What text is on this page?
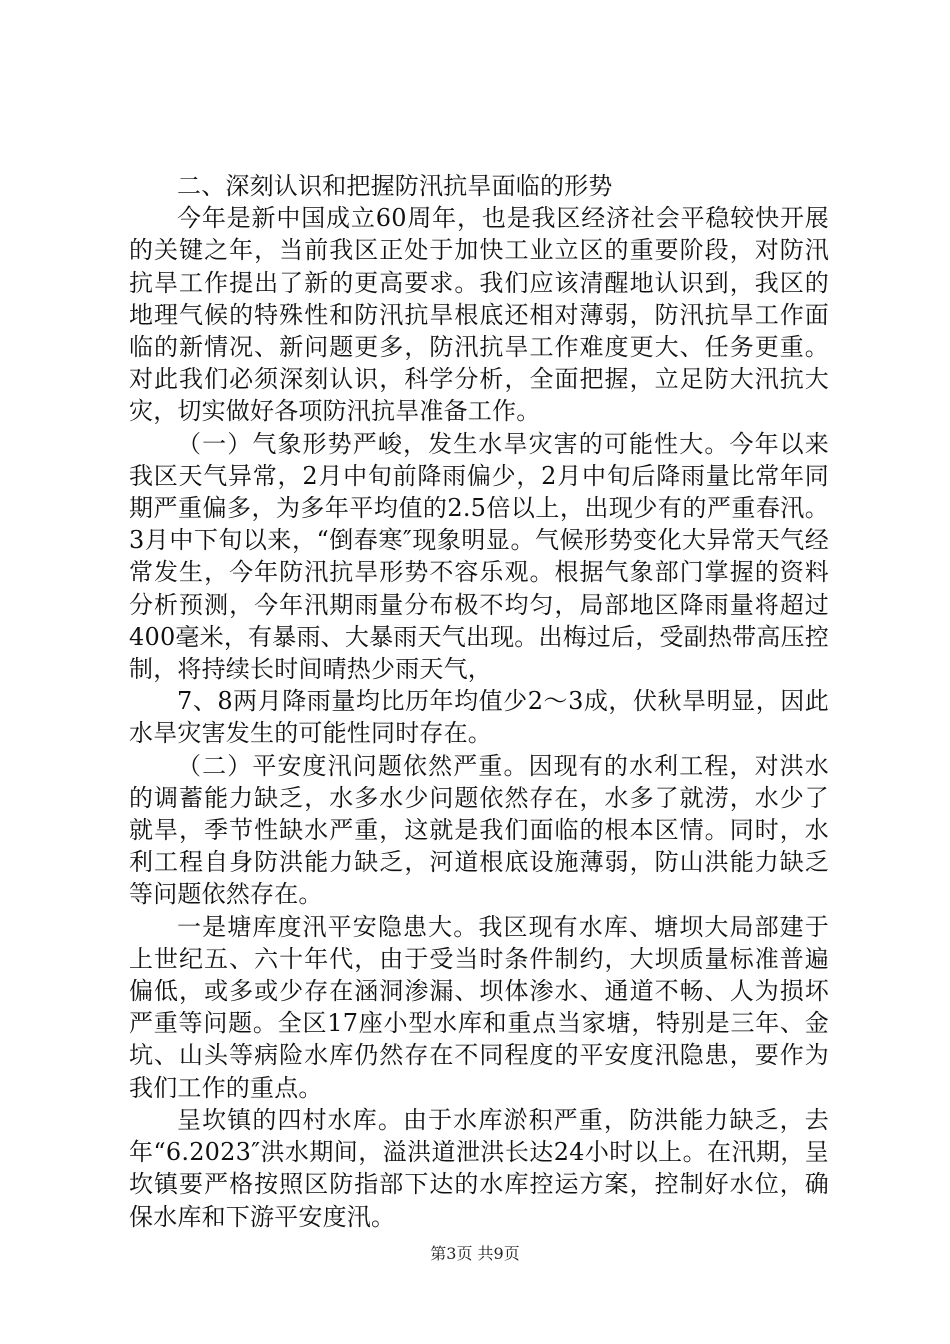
二、深刻认识和把握防汛抗旱面临的形势

今年是新中国成立60周年，也是我区经济社会平稳较快开展的关键之年，当前我区正处于加快工业立区的重要阶段，对防汛抗旱工作提出了新的更高要求。我们应该清醒地认识到，我区的地理气候的特殊性和防汛抗旱根底还相对薄弱，防汛抗旱工作面临的新情况、新问题更多，防汛抗旱工作难度更大、任务更重。对此我们必须深刻认识，科学分析，全面把握，立足防大汛抗大灾，切实做好各项防汛抗旱准备工作。

（一）气象形势严峻，发生水旱灾害的可能性大。今年以来我区天气异常，2月中旬前降雨偏少，2月中旬后降雨量比常年同期严重偏多，为多年平均值的2.5倍以上，出现少有的严重春汛。3月中下旬以来，“倒春寒″现象明显。气候形势变化大异常天气经常发生，今年防汛抗旱形势不容乐观。根据气象部门掌握的资料分析预测，今年汛期雨量分布极不均匀，局部地区降雨量将超过400毫米，有暴雨、大暴雨天气出现。出梅过后，受副热带高压控制，将持续长时间晴热少雨天气，

7、8两月降雨量均比历年均值少2～3成，伏秋旱明显，因此水旱灾害发生的可能性同时存在。

（二）平安度汛问题依然严重。因现有的水利工程，对洪水的调蓄能力缺乏，水多水少问题依然存在，水多了就涝，水少了就旱，季节性缺水严重，这就是我们面临的根本区情。同时，水利工程自身防洪能力缺乏，河道根底设施薄弱，防山洪能力缺乏等问题依然存在。

一是塘库度汛平安隐患大。我区现有水库、塘坝大局部建于上世纪五、六十年代，由于受当时条件制约，大坝质量标准普遍偏低，或多或少存在涵洞渗漏、坝体渗水、通道不畅、人为损坏严重等问题。全区17座小型水库和重点当家塘，特别是三年、金坑、山头等病险水库仍然存在不同程度的平安度汛隐患，要作为我们工作的重点。

呈坎镇的四村水库。由于水库淤积严重，防洪能力缺乏，去年“6.2023″洪水期间，溢洪道泄洪长达24小时以上。在汛期，呈坎镇要严格按照区防指部下达的水库控运方案，控制好水位，确保水库和下游平安度汛。

第3页 共9页
